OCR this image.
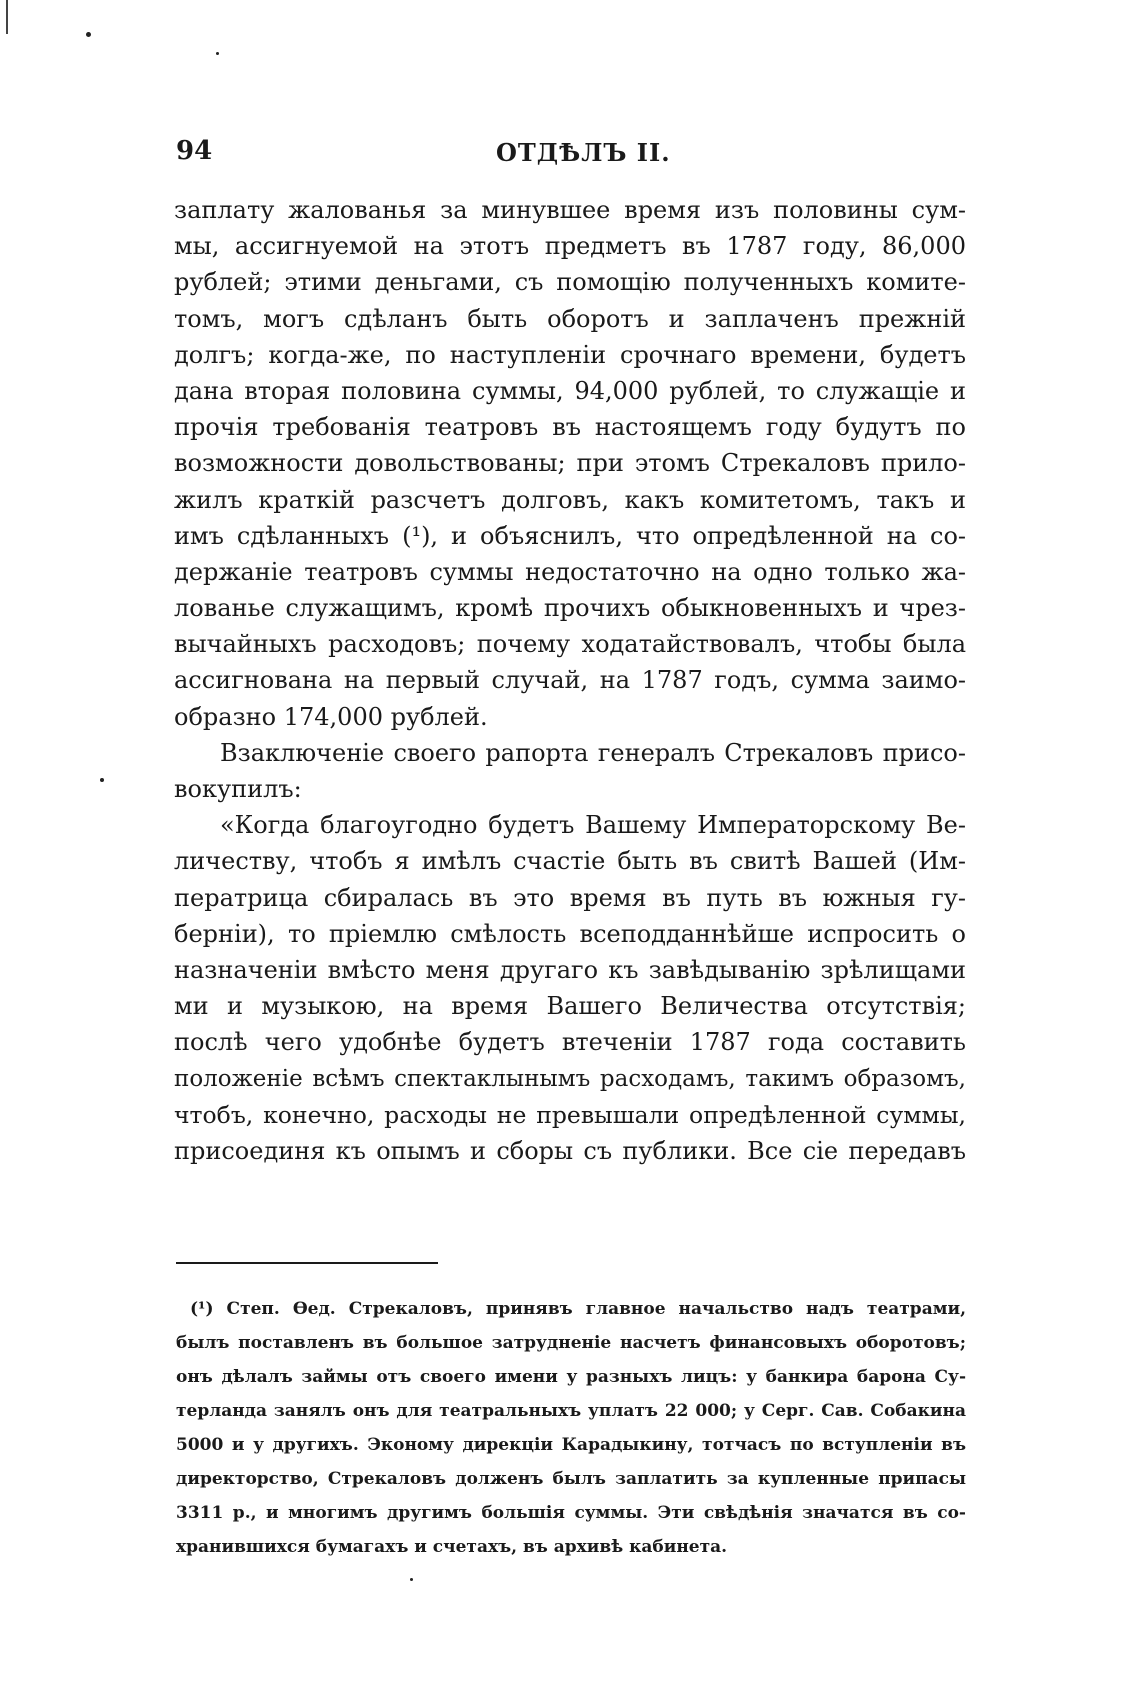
94	ОТДѢЛЪ II.
заплату жалованья за минувшее время изъ половины сум-
мы, ассигнуемой на этотъ предметъ въ 1787 году, 86,000
рублей; этими деньгами, съ помощію полученныхъ комите-
томъ, могъ сдѣланъ быть оборотъ и заплаченъ прежній
долгъ; когда-же, по наступленіи срочнаго времени, будетъ
дана вторая половина суммы, 94,000 рублей, то служащіе и
прочія требованія театровъ въ настоящемъ году будутъ по
возможности довольствованы; при этомъ Стрекаловъ прило-
жилъ краткій разсчетъ долговъ, какъ комитетомъ, такъ и
имъ сдѣланныхъ (¹), и объяснилъ, что опредѣленной на со-
держаніе театровъ суммы недостаточно на одно только жа-
лованье служащимъ, кромѣ прочихъ обыкновенныхъ и чрез-
вычайныхъ расходовъ; почему ходатайствовалъ, чтобы была
ассигнована на первый случай, на 1787 годъ, сумма заимо-
образно 174,000 рублей.
Взаключеніе своего рапорта генералъ Стрекаловъ присо-
вокупилъ:
«Когда благоугодно будетъ Вашему Императорскому Ве-
личеству, чтобъ я имѣлъ счастіе быть въ свитѣ Вашей (Им-
ператрица сбиралась въ это время въ путь въ южныя гу-
берніи), то пріемлю смѣлость всеподданнѣйше испросить о
назначеніи вмѣсто меня другаго къ завѣдыванію зрѣлищами
ми и музыкою, на время Вашего Величества отсутствія;
послѣ чего удобнѣе будетъ втеченіи 1787 года составить
положеніе всѣмъ спектаклынымъ расходамъ, такимъ образомъ,
чтобъ, конечно, расходы не превышали опредѣленной суммы,
присоединя къ опымъ и сборы съ публики. Все сіе передавъ
(¹) Степ. Ѳед. Стрекаловъ, принявъ главное начальство надъ театрами,
былъ поставленъ въ большое затрудненіе насчетъ финансовыхъ оборотовъ;
онъ дѣлалъ займы отъ своего имени у разныхъ лицъ: у банкира барона Су-
терланда занялъ онъ для театральныхъ уплатъ 22 000; у Серг. Сав. Собакина
5000 и у другихъ. Эконому дирекціи Карадыкину, тотчасъ по вступленіи въ
директорство, Стрекаловъ долженъ былъ заплатить за купленные припасы
3311 р., и многимъ другимъ большія суммы. Эти свѣдѣнія значатся въ со-
хранившихся бумагахъ и счетахъ, въ архивѣ кабинета.
